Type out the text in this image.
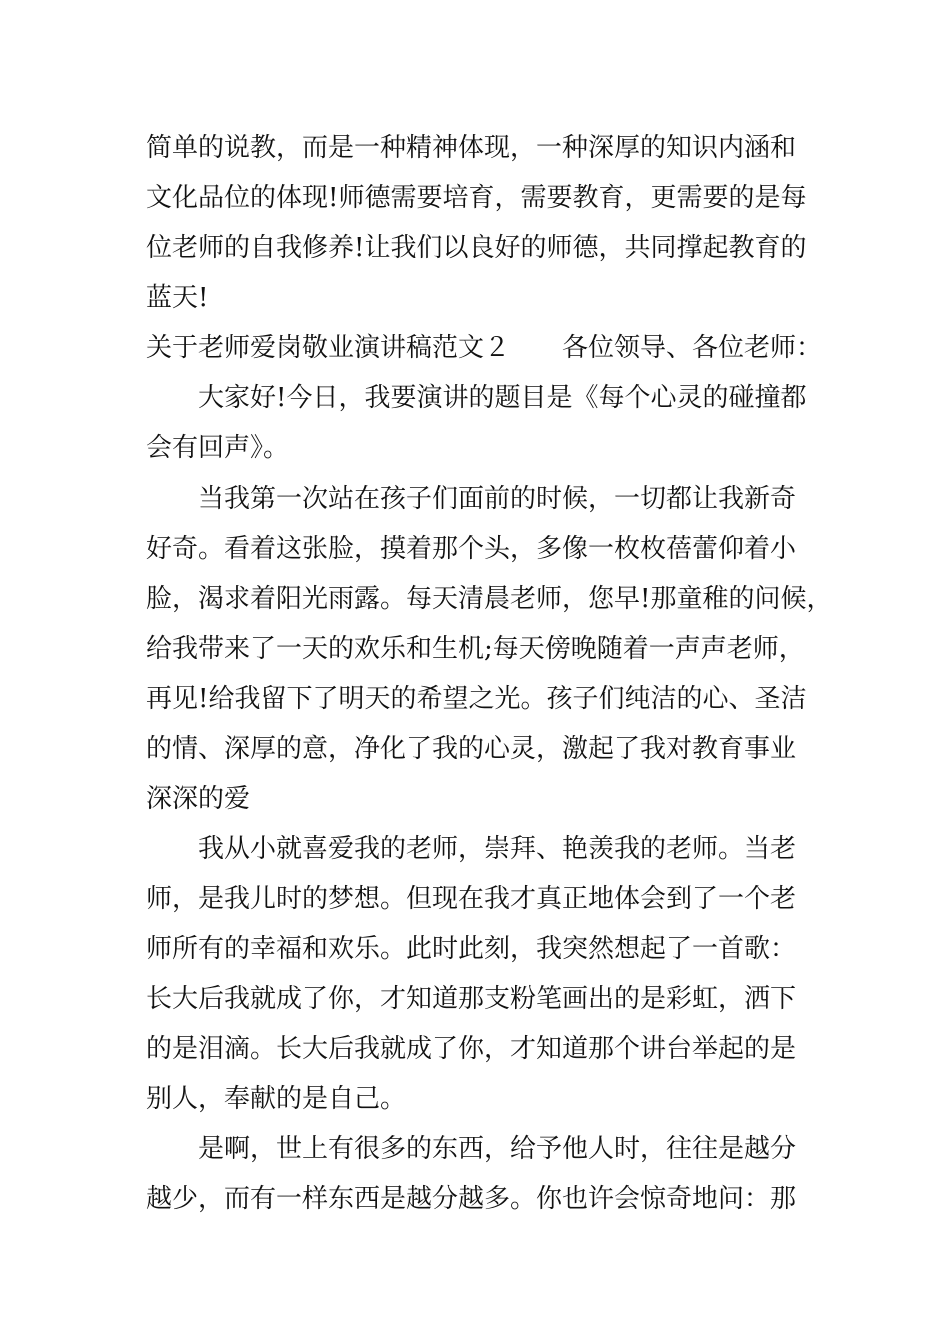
简单的说教，而是一种精神体现，一种深厚的知识内涵和
文化品位的体现!师德需要培育，需要教育，更需要的是每
位老师的自我修养!让我们以良好的师德，共同撑起教育的
蓝天!
关于老师爱岗敬业演讲稿范文２　　各位领导、各位老师：
大家好!今日，我要演讲的题目是《每个心灵的碰撞都
会有回声》。
当我第一次站在孩子们面前的时候，一切都让我新奇
好奇。看着这张脸，摸着那个头，多像一枚枚蓓蕾仰着小
脸，渴求着阳光雨露。每天清晨老师，您早!那童稚的问候，
给我带来了一天的欢乐和生机;每天傍晚随着一声声老师，
再见!给我留下了明天的希望之光。孩子们纯洁的心、圣洁
的情、深厚的意，净化了我的心灵，激起了我对教育事业
深深的爱
我从小就喜爱我的老师，崇拜、艳羡我的老师。当老
师，是我儿时的梦想。但现在我才真正地体会到了一个老
师所有的幸福和欢乐。此时此刻，我突然想起了一首歌：
长大后我就成了你，才知道那支粉笔画出的是彩虹，洒下
的是泪滴。长大后我就成了你，才知道那个讲台举起的是
别人，奉献的是自己。
是啊，世上有很多的东西，给予他人时，往往是越分
越少，而有一样东西是越分越多。你也许会惊奇地问：那
